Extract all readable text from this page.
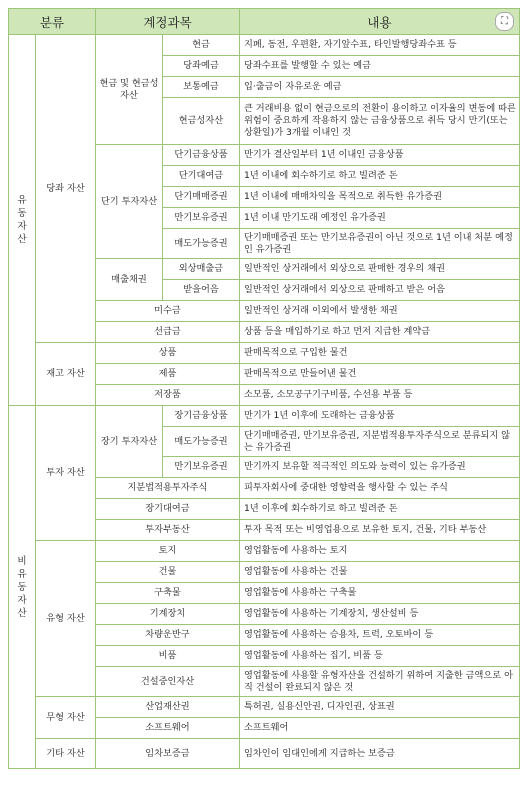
분류		계정과목		내용 ⛶

유동자산	당좌 자산	현금 및 현금성자산	현금	지폐, 동전, 우편환, 자기앞수표, 타인발행당좌수표 등
			당좌예금	당좌수표를 발행할 수 있는 예금
			보통예금	입·출금이 자유로운 예금
			현금성자산	큰 거래비용 없이 현금으로의 전환이 용이하고 이자율의 변동에 따른 위험이 중요하게 작용하지 않는 금융상품으로 취득 당시 만기(또는 상환일)가 3개월 이내인 것
		단기 투자자산	단기금융상품	만기가 결산일부터 1년 이내인 금융상품
			단기대여금	1년 이내에 회수하기로 하고 빌려준 돈
			단기매매증권	1년 이내에 매매차익을 목적으로 취득한 유가증권
			만기보유증권	1년 이내 만기도래 예정인 유가증권
			매도가능증권	단기매매증권 또는 만기보유증권이 아닌 것으로 1년 이내 처분 예정인 유가증권
		매출채권	외상매출금	일반적인 상거래에서 외상으로 판매한 경우의 채권
			받을어음	일반적인 상거래에서 외상으로 판매하고 받은 어음
		미수금		일반적인 상거래 이외에서 발생한 채권
		선급금		상품 등을 매입하기로 하고 먼저 지급한 계약금
	재고 자산	상품		판매목적으로 구입한 물건
		제품		판매목적으로 만들어낸 물건
		저장품		소모품, 소모공구기구비품, 수선용 부품 등
비유동자산	투자 자산	장기 투자자산	장기금융상품	만기가 1년 이후에 도래하는 금융상품
			매도가능증권	단기매매증권, 만기보유증권, 지분법적용투자주식으로 분류되지 않는 유가증권
			만기보유증권	만기까지 보유할 적극적인 의도와 능력이 있는 유가증권
		지분법적용투자주식		피투자회사에 중대한 영향력을 행사할 수 있는 주식
		장기대여금		1년 이후에 회수하기로 하고 빌려준 돈
		투자부동산		투자 목적 또는 비영업용으로 보유한 토지, 건물, 기타 부동산
	유형 자산	토지		영업활동에 사용하는 토지
		건물		영업활동에 사용하는 건물
		구축물		영업활동에 사용하는 구축물
		기계장치		영업활동에 사용하는 기계장치, 생산설비 등
		차량운반구		영업활동에 사용하는 승용차, 트럭, 오토바이 등
		비품		영업활동에 사용하는 집기, 비품 등
		건설중인자산		영업활동에 사용할 유형자산을 건설하기 위하여 지출한 금액으로 아직 건설이 완료되지 않은 것
	무형 자산	산업재산권		특허권, 실용신안권, 디자인권, 상표권
		소프트웨어		소프트웨어
	기타 자산	임차보증금		임차인이 임대인에게 지급하는 보증금
